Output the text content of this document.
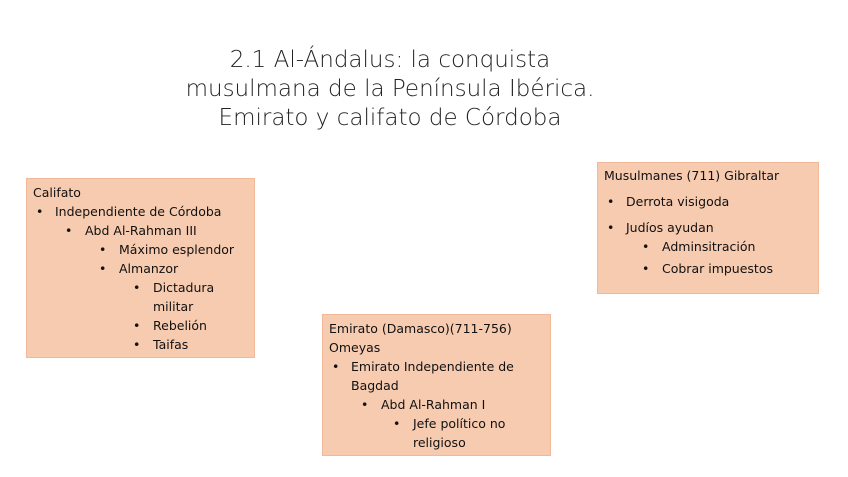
2.1 Al-Ándalus: la conquista
musulmana de la Península Ibérica.
Emirato y califato de Córdoba
Califato
• Independiente de Córdoba
• Abd Al-Rahman III
• Máximo esplendor
• Almanzor
• Dictadura
militar
• Rebelión
• Taifas
Musulmanes (711) Gibraltar
• Derrota visigoda
• Judíos ayudan
• Adminsitración
• Cobrar impuestos
Emirato (Damasco)(711-756)
Omeyas
• Emirato Independiente de
Bagdad
• Abd Al-Rahman I
• Jefe político no
religioso
